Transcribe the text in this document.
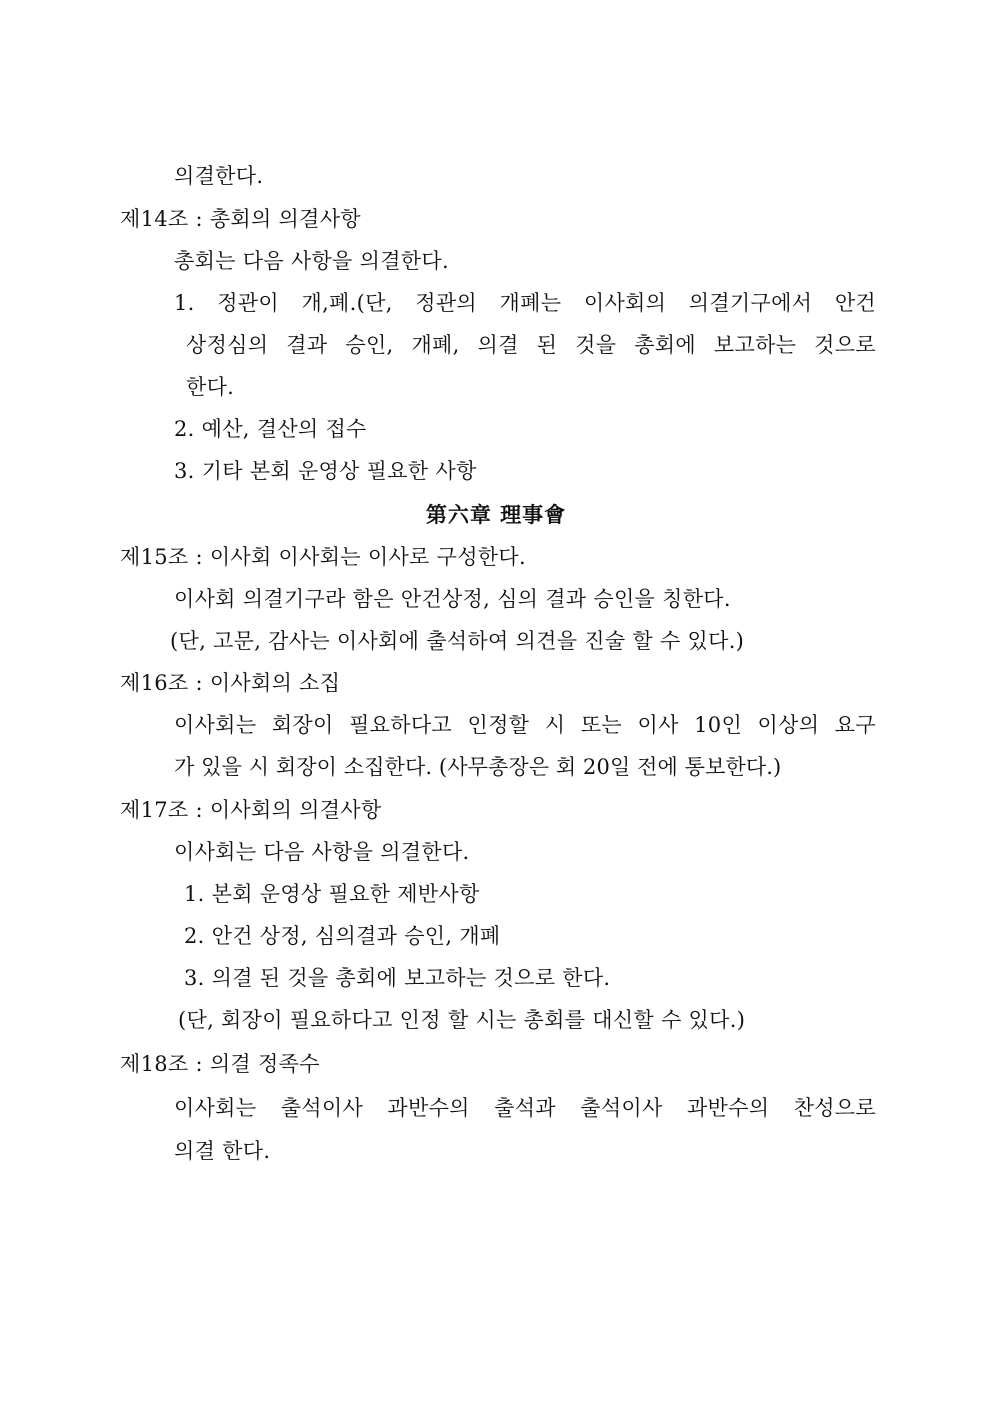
의결한다.
제14조 : 총회의 의결사항
총회는 다음 사항을 의결한다.
1. 정관이 개,폐.(단, 정관의 개폐는 이사회의 의결기구에서 안건
상정심의 결과 승인, 개폐, 의결 된 것을 총회에 보고하는 것으로
한다.
2. 예산, 결산의 접수
3. 기타 본회 운영상 필요한 사항
第六章 理事會
제15조 : 이사회 이사회는 이사로 구성한다.
이사회 의결기구라 함은 안건상정, 심의 결과 승인을 칭한다.
(단, 고문, 감사는 이사회에 출석하여 의견을 진술 할 수 있다.)
제16조 : 이사회의 소집
이사회는 회장이 필요하다고 인정할 시 또는 이사 10인 이상의 요구
가 있을 시 회장이 소집한다. (사무총장은 회 20일 전에 통보한다.)
제17조 : 이사회의 의결사항
이사회는 다음 사항을 의결한다.
1. 본회 운영상 필요한 제반사항
2. 안건 상정, 심의결과 승인, 개폐
3. 의결 된 것을 총회에 보고하는 것으로 한다.
(단, 회장이 필요하다고 인정 할 시는 총회를 대신할 수 있다.)
제18조 : 의결 정족수
이사회는 출석이사 과반수의 출석과 출석이사 과반수의 찬성으로
의결 한다.
